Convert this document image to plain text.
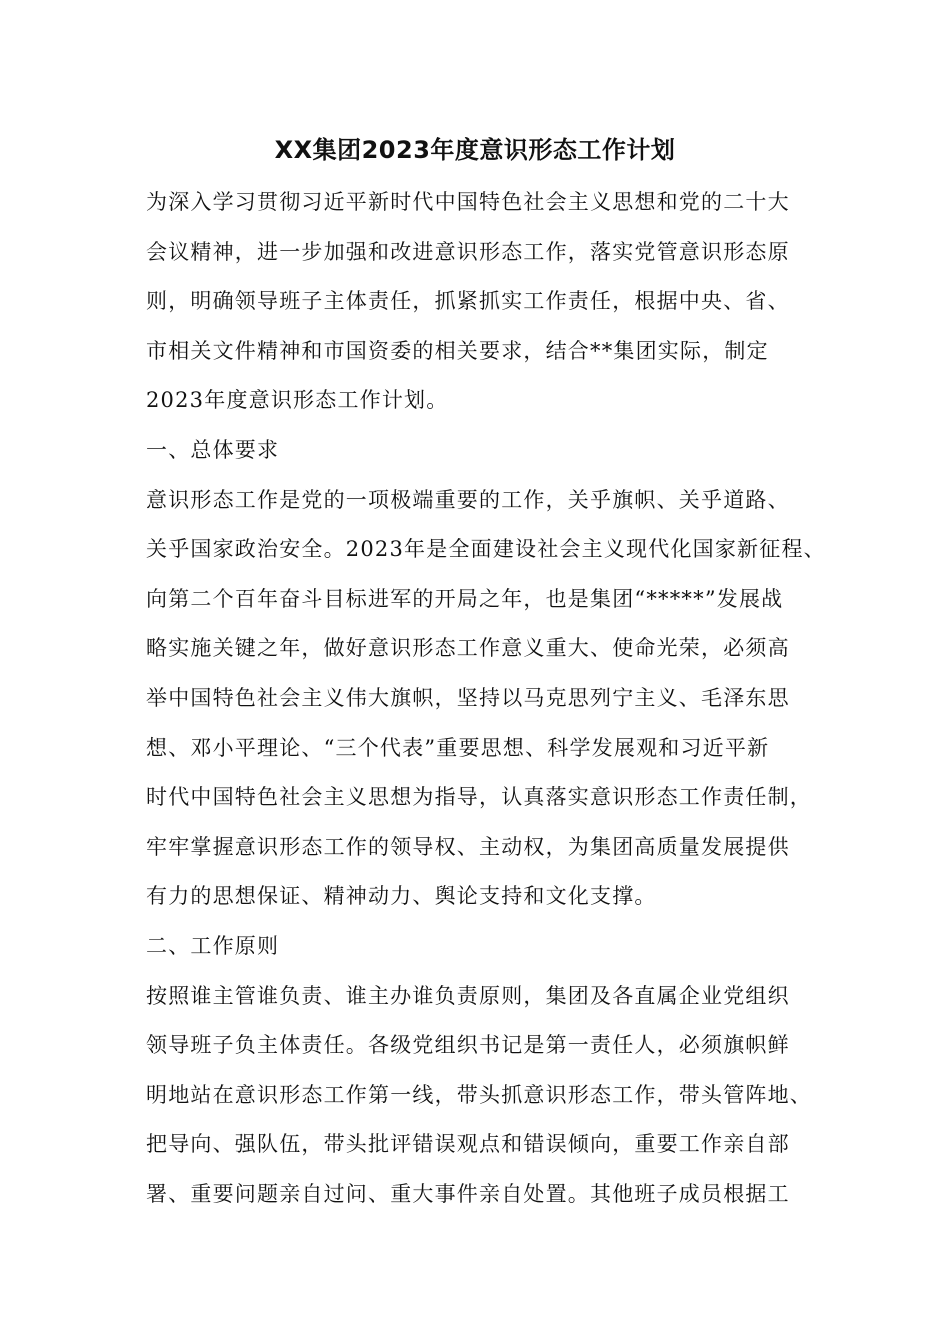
XX集团2023年度意识形态工作计划

为深入学习贯彻习近平新时代中国特色社会主义思想和党的二十大

会议精神，进一步加强和改进意识形态工作，落实党管意识形态原

则，明确领导班子主体责任，抓紧抓实工作责任，根据中央、省、

市相关文件精神和市国资委的相关要求，结合**集团实际，制定

2023年度意识形态工作计划。

一、总体要求

意识形态工作是党的一项极端重要的工作，关乎旗帜、关乎道路、

关乎国家政治安全。2023年是全面建设社会主义现代化国家新征程、

向第二个百年奋斗目标进军的开局之年，也是集团“*****”发展战

略实施关键之年，做好意识形态工作意义重大、使命光荣，必须高

举中国特色社会主义伟大旗帜，坚持以马克思列宁主义、毛泽东思

想、邓小平理论、“三个代表”重要思想、科学发展观和习近平新

时代中国特色社会主义思想为指导，认真落实意识形态工作责任制，

牢牢掌握意识形态工作的领导权、主动权，为集团高质量发展提供

有力的思想保证、精神动力、舆论支持和文化支撑。

二、工作原则

按照谁主管谁负责、谁主办谁负责原则，集团及各直属企业党组织

领导班子负主体责任。各级党组织书记是第一责任人，必须旗帜鲜

明地站在意识形态工作第一线，带头抓意识形态工作，带头管阵地、

把导向、强队伍，带头批评错误观点和错误倾向，重要工作亲自部

署、重要问题亲自过问、重大事件亲自处置。其他班子成员根据工
